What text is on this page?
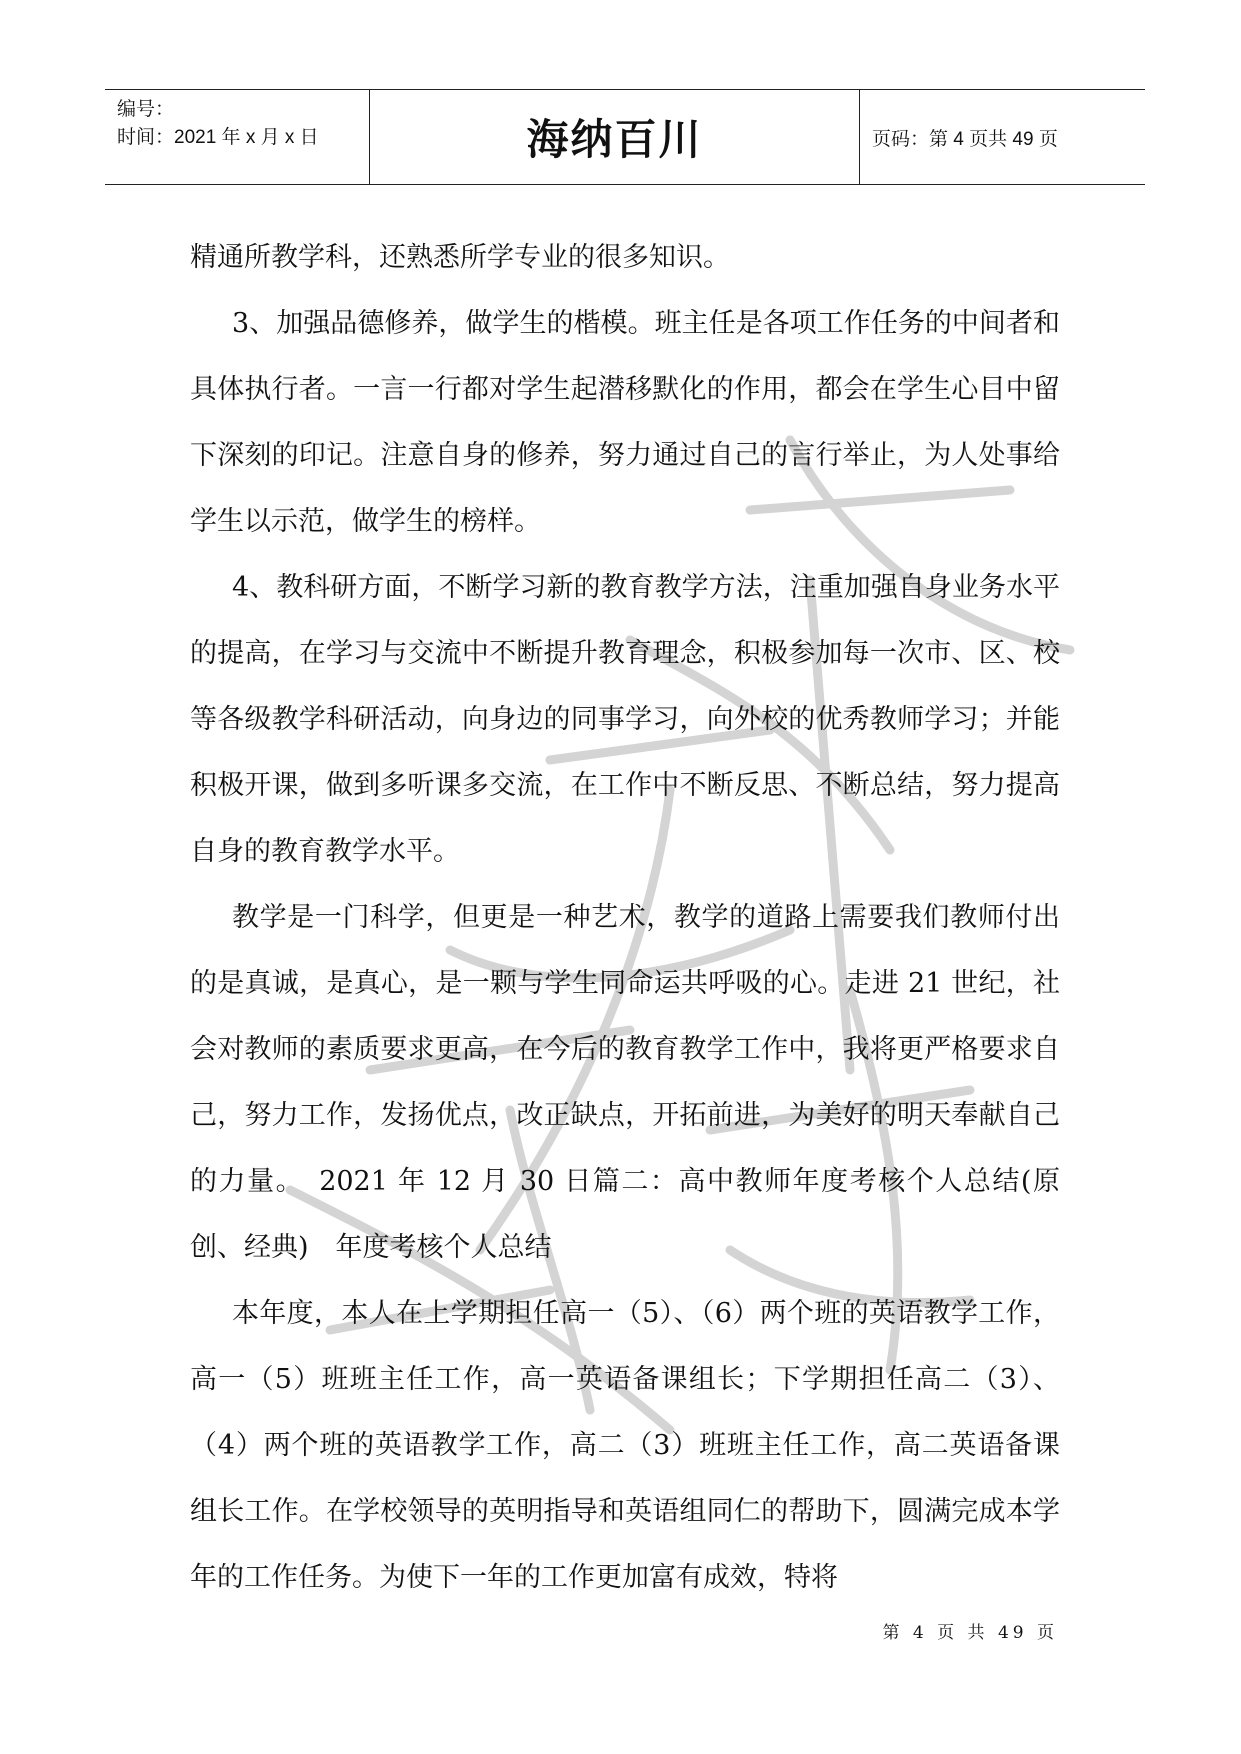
编号：
时间：2021 年 x 月 x 日	海纳百川	页码：第 4 页共 49 页

精通所教学科，还熟悉所学专业的很多知识。

3、加强品德修养，做学生的楷模。班主任是各项工作任务的中间者和具体执行者。一言一行都对学生起潜移默化的作用，都会在学生心目中留下深刻的印记。注意自身的修养，努力通过自己的言行举止，为人处事给学生以示范，做学生的榜样。

4、教科研方面，不断学习新的教育教学方法，注重加强自身业务水平的提高，在学习与交流中不断提升教育理念，积极参加每一次市、区、校等各级教学科研活动，向身边的同事学习，向外校的优秀教师学习；并能积极开课，做到多听课多交流，在工作中不断反思、不断总结，努力提高自身的教育教学水平。

教学是一门科学，但更是一种艺术，教学的道路上需要我们教师付出的是真诚，是真心，是一颗与学生同命运共呼吸的心。走进 21 世纪，社会对教师的素质要求更高，在今后的教育教学工作中，我将更严格要求自己，努力工作，发扬优点，改正缺点，开拓前进，为美好的明天奉献自己的力量。　2021 年 12 月 30 日篇二：高中教师年度考核个人总结(原创、经典)　年度考核个人总结

本年度，本人在上学期担任高一（5）、（6）两个班的英语教学工作，高一（5）班班主任工作，高一英语备课组长；下学期担任高二（3）、（4）两个班的英语教学工作，高二（3）班班主任工作，高二英语备课组长工作。在学校领导的英明指导和英语组同仁的帮助下，圆满完成本学年的工作任务。为使下一年的工作更加富有成效，特将

第 4 页 共 49 页
